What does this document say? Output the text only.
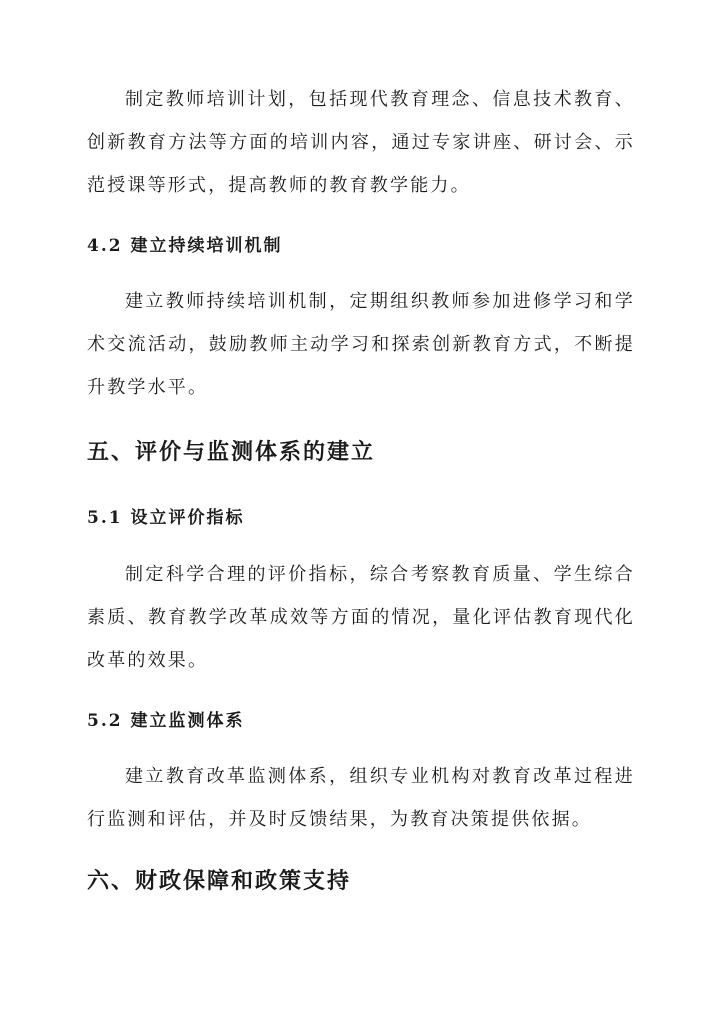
制定教师培训计划，包括现代教育理念、信息技术教育、创新教育方法等方面的培训内容，通过专家讲座、研讨会、示范授课等形式，提高教师的教育教学能力。

4.2 建立持续培训机制

建立教师持续培训机制，定期组织教师参加进修学习和学术交流活动，鼓励教师主动学习和探索创新教育方式，不断提升教学水平。

五、评价与监测体系的建立
5.1 设立评价指标

制定科学合理的评价指标，综合考察教育质量、学生综合素质、教育教学改革成效等方面的情况，量化评估教育现代化改革的效果。

5.2 建立监测体系

建立教育改革监测体系，组织专业机构对教育改革过程进行监测和评估，并及时反馈结果，为教育决策提供依据。

六、财政保障和政策支持
